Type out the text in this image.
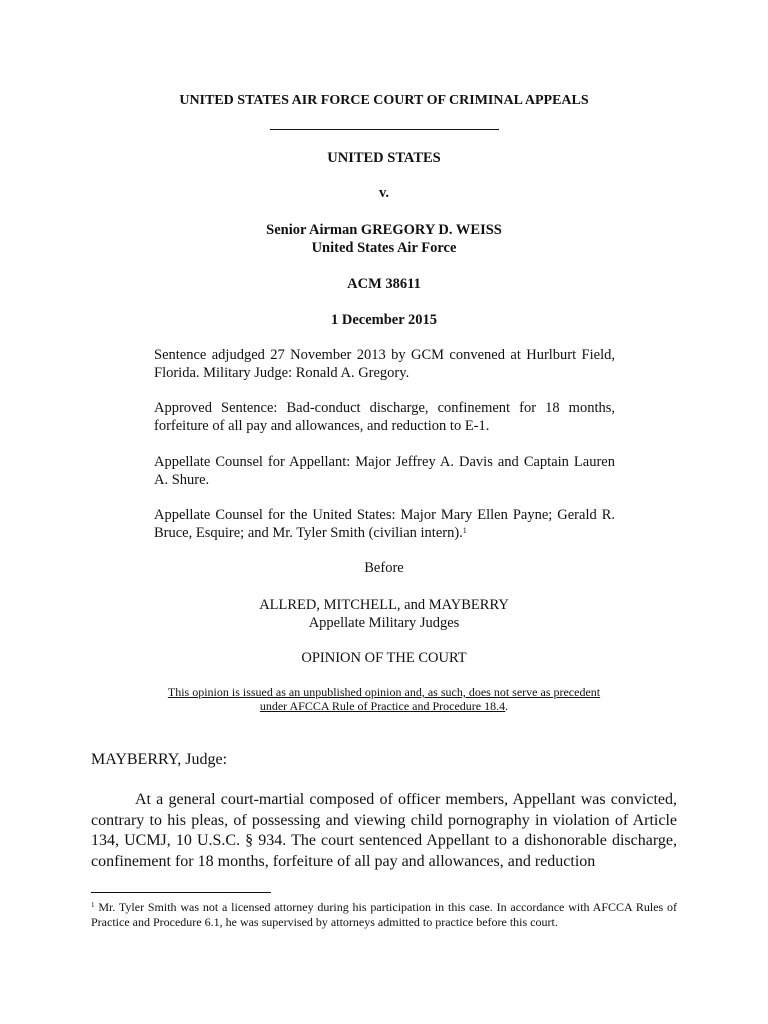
UNITED STATES AIR FORCE COURT OF CRIMINAL APPEALS
UNITED STATES
v.
Senior Airman GREGORY D. WEISS
United States Air Force
ACM 38611
1 December 2015
Sentence adjudged 27 November 2013 by GCM convened at Hurlburt Field, Florida. Military Judge: Ronald A. Gregory.
Approved Sentence: Bad-conduct discharge, confinement for 18 months, forfeiture of all pay and allowances, and reduction to E-1.
Appellate Counsel for Appellant: Major Jeffrey A. Davis and Captain Lauren A. Shure.
Appellate Counsel for the United States: Major Mary Ellen Payne; Gerald R. Bruce, Esquire; and Mr. Tyler Smith (civilian intern).$^1$
Before
ALLRED, MITCHELL, and MAYBERRY
Appellate Military Judges
OPINION OF THE COURT
This opinion is issued as an unpublished opinion and, as such, does not serve as precedent
under AFCCA Rule of Practice and Procedure 18.4.
MAYBERRY, Judge:
At a general court-martial composed of officer members, Appellant was convicted, contrary to his pleas, of possessing and viewing child pornography in violation of Article 134, UCMJ, 10 U.S.C. § 934. The court sentenced Appellant to a dishonorable discharge, confinement for 18 months, forfeiture of all pay and allowances, and reduction
$^1$ Mr. Tyler Smith was not a licensed attorney during his participation in this case. In accordance with AFCCA Rules of Practice and Procedure 6.1, he was supervised by attorneys admitted to practice before this court.
